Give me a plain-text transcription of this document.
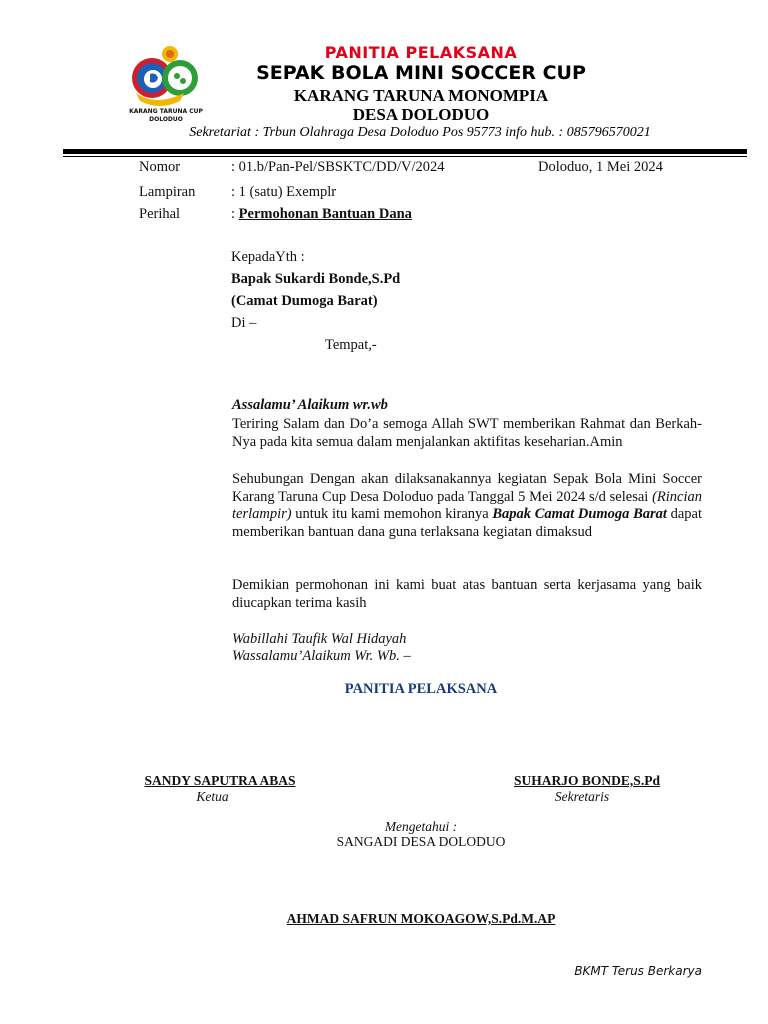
KARANG TARUNA CUP DOLODUO
PANITIA PELAKSANA
SEPAK BOLA MINI SOCCER CUP
KARANG TARUNA MONOMPIA
DESA DOLODUO
Sekretariat : Trbun Olahraga Desa Doloduo Pos 95773 info hub. : 085796570021
Nomor	: 01.b/Pan-Pel/SBSKTC/DD/V/2024	Doloduo, 1 Mei 2024
Lampiran : 1 (satu) Exemplr
Perihal	: Permohonan Bantuan Dana
KepadaYth :
Bapak Sukardi Bonde,S.Pd
(Camat Dumoga Barat)
Di –
Tempat,-
Assalamu’ Alaikum wr.wb
Teriring Salam dan Do’a semoga Allah SWT memberikan Rahmat dan Berkah-Nya pada kita semua dalam menjalankan aktifitas keseharian.Amin
Sehubungan Dengan akan dilaksanakannya kegiatan Sepak Bola Mini Soccer Karang Taruna Cup Desa Doloduo pada Tanggal 5 Mei 2024 s/d selesai (Rincian terlampir) untuk itu kami memohon kiranya Bapak Camat Dumoga Barat dapat memberikan bantuan dana guna terlaksana kegiatan dimaksud
Demikian permohonan ini kami buat atas bantuan serta kerjasama yang baik diucapkan terima kasih
Wabillahi Taufik Wal Hidayah
Wassalamu’Alaikum Wr. Wb. –
PANITIA PELAKSANA
SANDY SAPUTRA ABAS
Ketua
SUHARJO BONDE,S.Pd
Sekretaris
Mengetahui :
SANGADI DESA DOLODUO
AHMAD SAFRUN MOKOAGOW,S.Pd.M.AP
BKMT Terus Berkarya
